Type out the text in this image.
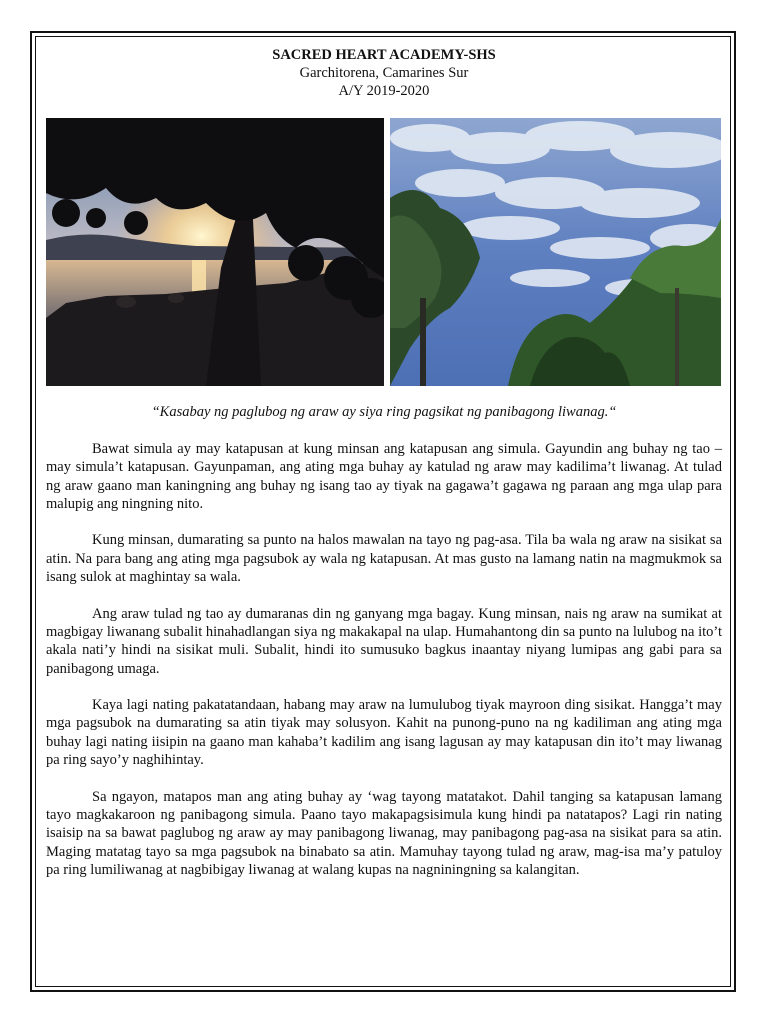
SACRED HEART ACADEMY-SHS
Garchitorena, Camarines Sur
A/Y 2019-2020
“Kasabay ng paglubog ng araw ay siya ring pagsikat ng panibagong liwanag.“

Bawat simula ay may katapusan at kung minsan ang katapusan ang simula. Gayundin ang buhay ng tao – may simula’t katapusan. Gayunpaman, ang ating mga buhay ay katulad ng araw may kadilima’t liwanag. At tulad ng araw gaano man kaningning ang buhay ng isang tao ay tiyak na gagawa’t gagawa ng paraan ang mga ulap para malupig ang ningning nito.

Kung minsan, dumarating sa punto na halos mawalan na tayo ng pag-asa. Tila ba wala ng araw na sisikat sa atin. Na para bang ang ating mga pagsubok ay wala ng katapusan. At mas gusto na lamang natin na magmukmok sa isang sulok at maghintay sa wala.

Ang araw tulad ng tao ay dumaranas din ng ganyang mga bagay. Kung minsan, nais ng araw na sumikat at magbigay liwanang subalit hinahadlangan siya ng makakapal na ulap. Humahantong din sa punto na lulubog na ito’t akala nati’y hindi na sisikat muli. Subalit, hindi ito sumusuko bagkus inaantay niyang lumipas ang gabi para sa panibagong umaga.

Kaya lagi nating pakatatandaan, habang may araw na lumulubog tiyak mayroon ding sisikat. Hangga’t may mga pagsubok na dumarating sa atin tiyak may solusyon. Kahit na punong-puno na ng kadiliman ang ating mga buhay lagi nating iisipin na gaano man kahaba’t kadilim ang isang lagusan ay may katapusan din ito’t may liwanag pa ring sayo’y naghihintay.

Sa ngayon, matapos man ang ating buhay ay ‘wag tayong matatakot. Dahil tanging sa katapusan lamang tayo magkakaroon ng panibagong simula. Paano tayo makapagsisimula kung hindi pa natatapos? Lagi rin nating isaisip na sa bawat paglubog ng araw ay may panibagong liwanag, may panibagong pag-asa na sisikat para sa atin. Maging matatag tayo sa mga pagsubok na binabato sa atin. Mamuhay tayong tulad ng araw, mag-isa ma’y patuloy pa ring lumiliwanag at nagbibigay liwanag at walang kupas na nagniningning sa kalangitan.
